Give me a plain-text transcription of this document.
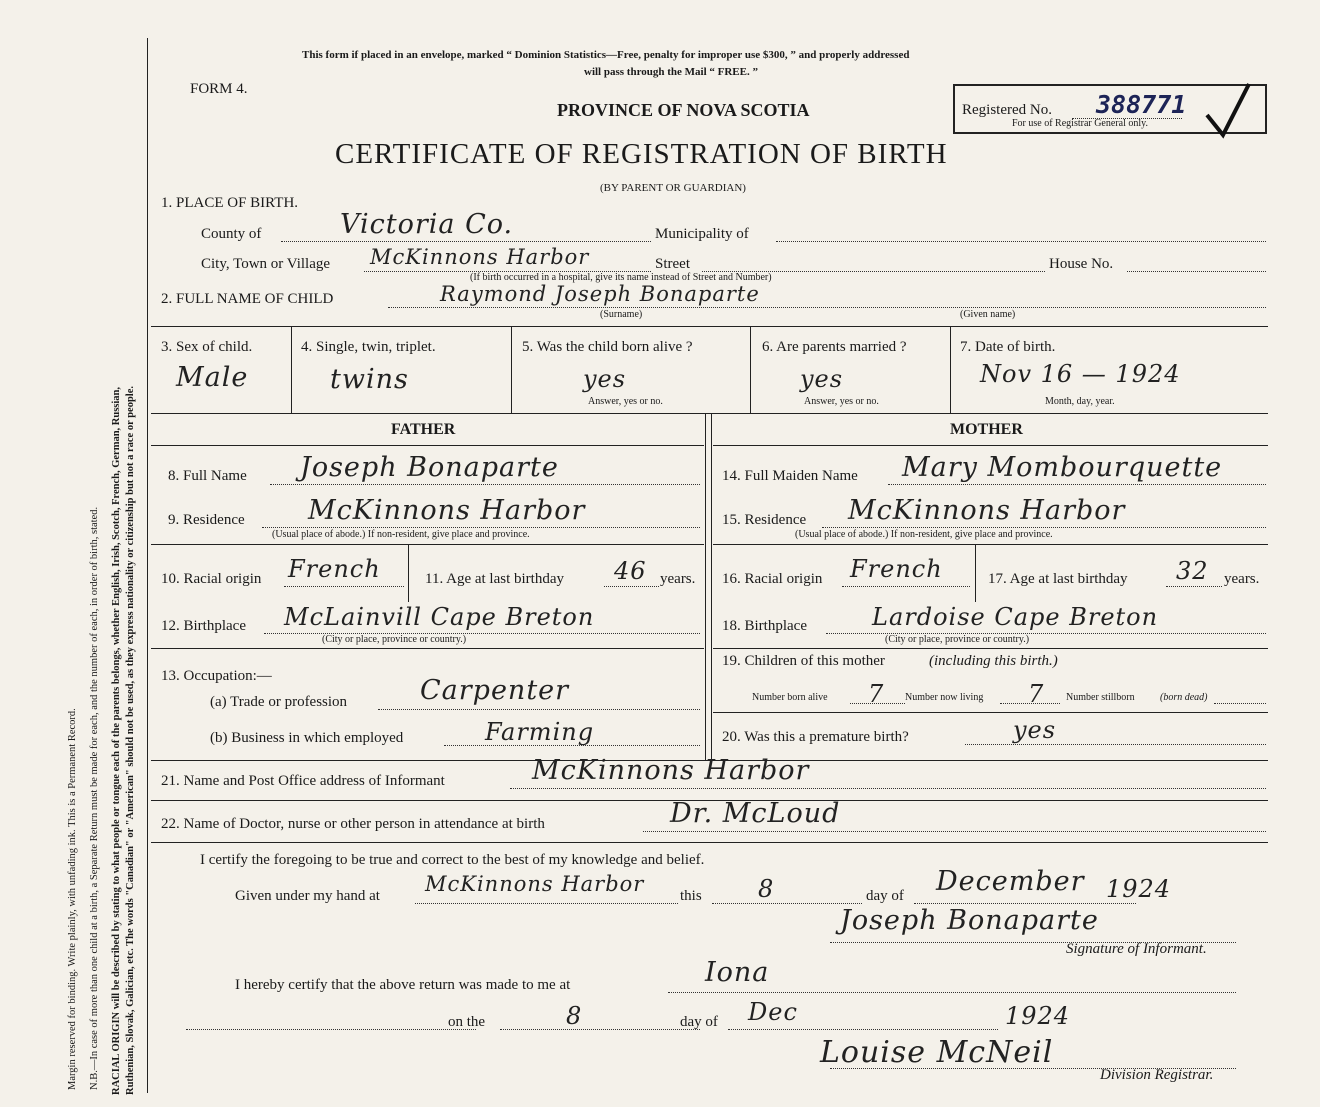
Margin reserved for binding. Write plainly, with unfading ink. This is a Permanent Record. N.B.—In case of more than one child at a birth, a Separate Return must be made for each, and the number of each, in order of birth, stated. RACIAL ORIGIN will be described by stating to what people or tongue each of the parents belongs, whether English, Irish, Scotch, French, German, Russian, Ruthenian, Slovak, Galician, etc. The words "Canadian" or "American" should not be used, as they express nationality or citizenship but not a race or people.
This form if placed in an envelope, marked “ Dominion Statistics—Free, penalty for improper use $300, ” and properly addressed
will pass through the Mail “ FREE. ”
FORM 4.
PROVINCE OF NOVA SCOTIA
CERTIFICATE OF REGISTRATION OF BIRTH
(BY PARENT OR GUARDIAN)
Registered No. 388771
For use of Registrar General only.
1. PLACE OF BIRTH.
County of	Victoria Co.	Municipality of
City, Town or Village McKinnons Harbor	Street	House No.
(If birth occurred in a hospital, give its name instead of Street and Number)
2. FULL NAME OF CHILD	Raymond Joseph Bonaparte
(Surname)	(Given name)
3. Sex of child.
Male
4. Single, twin, triplet.
twins
5. Was the child born alive ?
yes
Answer, yes or no.
6. Are parents married ?
yes
Answer, yes or no.
7. Date of birth.
Nov 16 — 1924
Month, day, year.
FATHER
8. Full Name Joseph Bonaparte
9. Residence McKinnons Harbor
(Usual place of abode.) If non-resident, give place and province.
10. Racial origin French	11. Age at last birthday 46 years.
12. Birthplace McLainvill Cape Breton
(City or place, province or country.)
13. Occupation:—
(a) Trade or profession	Carpenter
(b) Business in which employed	Farming
MOTHER
14. Full Maiden Name Mary Mombourquette
15. Residence McKinnons Harbor
(Usual place of abode.) If non-resident, give place and province.
16. Racial origin French	17. Age at last birthday 32 years.
18. Birthplace	Lardoise Cape Breton
(City or place, province or country.)
19. Children of this mother	(including this birth.)
Number born alive 7 Number now living 7 Number stillborn	(born dead)
20. Was this a premature birth?	yes
21. Name and Post Office address of Informant	McKinnons Harbor
22. Name of Doctor, nurse or other person in attendance at birth	Dr. McLoud
I certify the foregoing to be true and correct to the best of my knowledge and belief.
Given under my hand at McKinnons Harbor this 8	day of December 1924
Joseph Bonaparte
Signature of Informant.
I hereby certify that the above return was made to me at	Iona
on the	8	day of Dec	1924
Louise McNeil
Division Registrar.
